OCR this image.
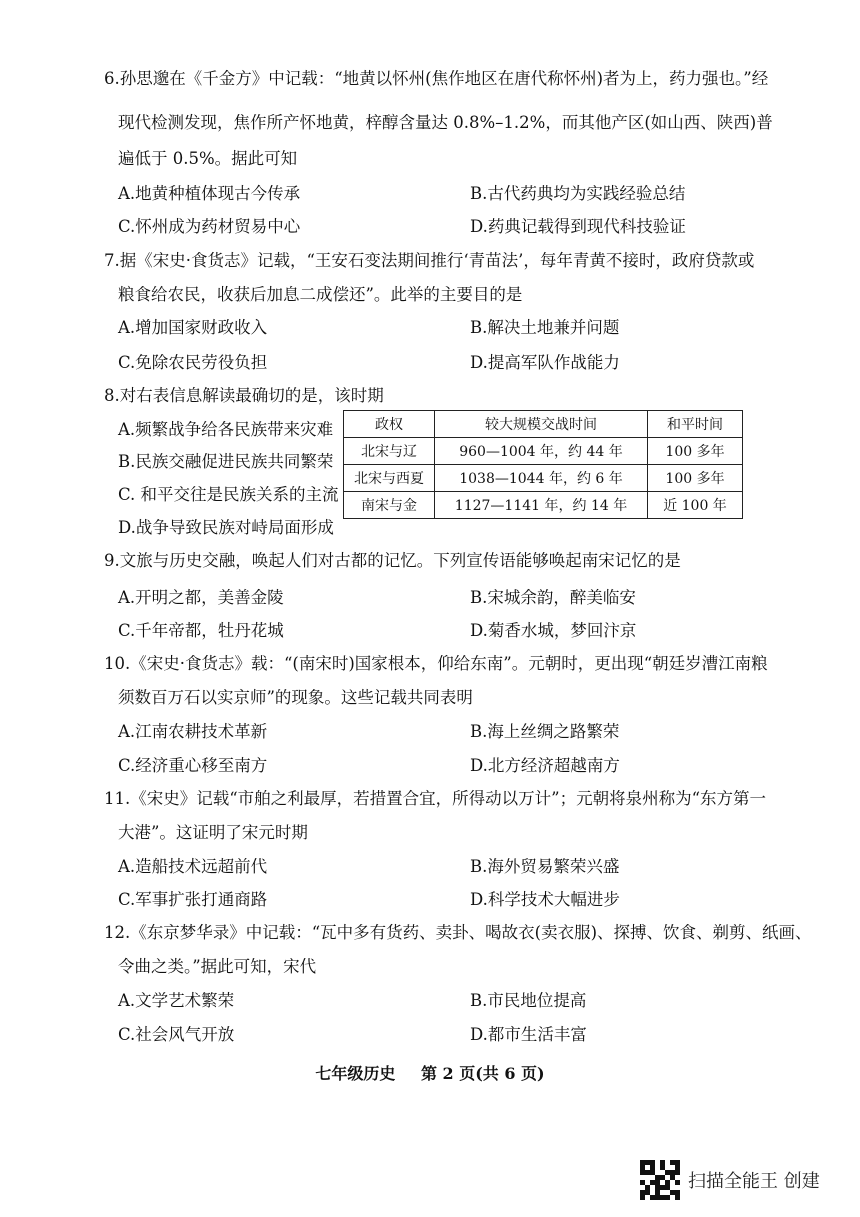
6.孙思邈在《千金方》中记载：“地黄以怀州(焦作地区在唐代称怀州)者为上，药力强也。”经
现代检测发现，焦作所产怀地黄，梓醇含量达 0.8%–1.2%，而其他产区(如山西、陕西)普
遍低于 0.5%。据此可知
A.地黄种植体现古今传承	B.古代药典均为实践经验总结
C.怀州成为药材贸易中心	D.药典记载得到现代科技验证
7.据《宋史·食货志》记载，“王安石变法期间推行‘青苗法’，每年青黄不接时，政府贷款或
粮食给农民，收获后加息二成偿还”。此举的主要目的是
A.增加国家财政收入	B.解决土地兼并问题
C.免除农民劳役负担	D.提高军队作战能力
8.对右表信息解读最确切的是，该时期
A.频繁战争给各民族带来灾难
B.民族交融促进民族共同繁荣
C. 和平交往是民族关系的主流
D.战争导致民族对峙局面形成
政权	较大规模交战时间	和平时间
北宋与辽	960—1004 年，约 44 年	100 多年
北宋与西夏	1038—1044 年，约 6 年	100 多年
南宋与金	1127—1141 年，约 14 年	近 100 年
9.文旅与历史交融，唤起人们对古都的记忆。下列宣传语能够唤起南宋记忆的是
A.开明之都，美善金陵	B.宋城余韵，醉美临安
C.千年帝都，牡丹花城	D.菊香水城，梦回汴京
10.《宋史·食货志》载：“(南宋时)国家根本，仰给东南”。元朝时，更出现“朝廷岁漕江南粮
须数百万石以实京师”的现象。这些记载共同表明
A.江南农耕技术革新	B.海上丝绸之路繁荣
C.经济重心移至南方	D.北方经济超越南方
11.《宋史》记载“市舶之利最厚，若措置合宜，所得动以万计”；元朝将泉州称为“东方第一
大港”。这证明了宋元时期
A.造船技术远超前代	B.海外贸易繁荣兴盛
C.军事扩张打通商路	D.科学技术大幅进步
12.《东京梦华录》中记载：“瓦中多有货药、卖卦、喝故衣(卖衣服)、探搏、饮食、剃剪、纸画、
令曲之类。”据此可知，宋代
A.文学艺术繁荣	B.市民地位提高
C.社会风气开放	D.都市生活丰富
七年级历史 第 2 页(共 6 页)
扫描全能王 创建
